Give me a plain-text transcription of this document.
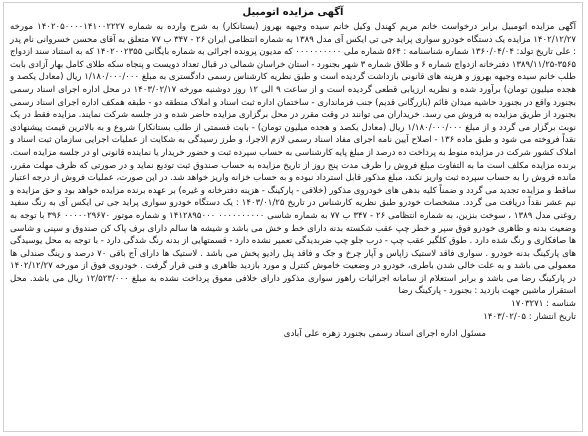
آگهی مزایده اتومبیل

آگهی مزایده اتومبیل برابر درخواست خانم مریم کهندل وکیل خانم سیده وجیهه بهروز (بستانکار) به شرح وارده به شماره ۱۴۰۲۰۵۰۰۰۰۱۴۱۰۰۲۲۲۷ مورخه ۱۴۰۲/۱۲/۲۷ مزایده یک دستگاه خودرو سواری پراید جی تی ایکس آی مدل ۱۳۸۹ به شماره انتظامی ایران ۲۶ - ۳۴۷ ب ۷۷ متعلق به آقای محسن خسروانی نام پدر : علی تاریخ تولد: ۱۳۶۰/۰۴/۰۴ شماره شناسنامه : ۵۶۴ شماره ملی ۰۰۰۰۰۰۰۰۰۰ که مدیون پرونده اجرائی به شماره بایگانی ۱۴۰۲۰۰۲۳۵۵ که به استناد سند ازدواج ۳۵۶۵-۱۳۸۹/۱۱/۲۵ دفترخانه ازدواج شماره ۶ و طلاق شماره ۳ شهر بجنورد - استان خراسان شمالی در قبال تعداد دویست و پنجاه سکه طلای کامل بهار آزادی بابت طلب خانم سیده وجیهه بهروز و هزینه های قانونی بازداشت گردیده است و طبق نظریه کارشناس رسمی دادگستری به مبلغ ۱/۱۸۰/۰۰۰/۰۰۰ ریال (معادل یکصد و هجده میلیون تومان) برآورد شده و نظریه ارزیابی قطعی گردیده است و از ساعت ۹ الی ۱۲ روز دوشنبه مورخه ۱۴۰۳/۰۲/۱۷ در محل اداره اجرای اسناد رسمی بجنورد واقع در بجنورد حاشیه میدان قائم (بازرگانی قدیم) جنب فرمانداری - ساختمان اداره ثبت اسناد و املاک منطقه دو - طبقه همکف اداره اجرای اسناد رسمی بجنورد از طریق مزایده به فروش می رسد. خریداران می توانند در وقت مقرر در محل برگزاری مزایده حاضر شده و در جلسه شرکت نمایند. مزایده فقط در یک نوبت برگزار می گردد و از مبلغ ۱/۱۸۰/۰۰۰/۰۰۰ ریال (معادل یکصد و هجده میلیون تومان) - بابت قسمتی از طلب بستانکار) شروع و به بالاترین قیمت پیشنهادی نقداً فروخته می شود و طبق ماده ۱۳۶ - اصلاح آیین نامه اجرای مفاد اسناد رسمی لازم الاجرا، و طرز رسیدگی به شکایت از عملیات اجرایی سازمان ثبت اسناد و املاک کشور شرکت در مزایده منوط به پرداخت ده درصد از مبلغ پایه کارشناسی به حساب سپرده ثبت و حضور خریدار یا نماینده قانونی او در جلسه مزایده است. برنده مزایده مکلف است ما به التفاوت مبلغ فروش را ظرف مدت پنج روز از تاریخ مزایده به حساب صندوق ثبت تودیع نماید و در صورتی که ظرف مهلت مقرر، مانده فروش را به حساب سپرده ثبت واریز نکند، مبلغ مذکور قابل استرداد نبوده و به حساب خزانه واریز خواهد شد. در این صورت، عملیات فروش از درجه اعتبار ساقط و مزایده تجدید می گردد و ضمناً کلیه بدهی های خودروی مذکور (خلافی - پارکینگ - هزینه دفترخانه و غیره) بر عهده برنده مزایده خواهد بود و حق مزایده و نیم عشر نقداً دریافت می گردد. مشخصات خودرو طبق نظریه کارشناس در تاریخ ۱۴۰۳/۰۱/۲۵ : یک دستگاه خودرو سواری پراید جی تی ایکس آی به رنگ سفید روغنی مدل ۱۳۸۹ ، سوخت بنزین، به شماره انتظامی ۲۶ - ۳۴۷ ب ۷۷ به شماره شاسی ۰۰۰۰۰۰۰۰۰۰ ۱۴۱۲۸۹۵۰۰۰ و شماره موتور ۰۰۰۰۰۲۹۶۷۰ ۳۹۶ با توجه به وضعیت بدنه و ظاهری خودرو فوق سپر و خطر چپ عقب شکسته بدنه دارای خط و خش می باشد و شیشه ها سالم دارای برف پاک کن صندوق و سپنی و شاسی ها صافکاری و رنگ شده دارد . طوق کلگیر عقب چپ - درب جلو چپ ضربدیدگی تعمیر نشده دارد - قسمتهایی از بدنه رنگ شدگی دارد - با توجه به محل یوسیدگی های پارکینگ بدنه خودرو . سواری فاقد لاستیک زاپاس و آپار چرخ و جک و فاقد پنل رادیو پخش می باشد . لاستیک ها دارای آج باقی ۷۰ درصد و رینگ صندلی ها معمولی می باشد و به علت خالی شدن باطری، خودرو در وضعیت خاموش کنترل و مورد بازدید ظاهری و فنی قرار گرفت . خودروی فوق از مورخه ۱۴۰۲/۱۲/۲۷ در پارکینگ رضا می باشد و برابر استعلام از سامانه اجرائیات راهور سواری مذکور دارای خلافی معوق پرداخت نشده به مبلغ ۱۲/۵۲۳/۰۰۰ ریال می باشد. محل استقرار ماشین جهت بازدید : بجنورد - پارکینگ رضا

شناسه : ۱۷۰۳۲۷۱

تاریخ انتشار : ۱۴۰۳/۰۲/۰۵

مسئول اداره اجرای اسناد رسمی بجنورد زهره علی آبادی
